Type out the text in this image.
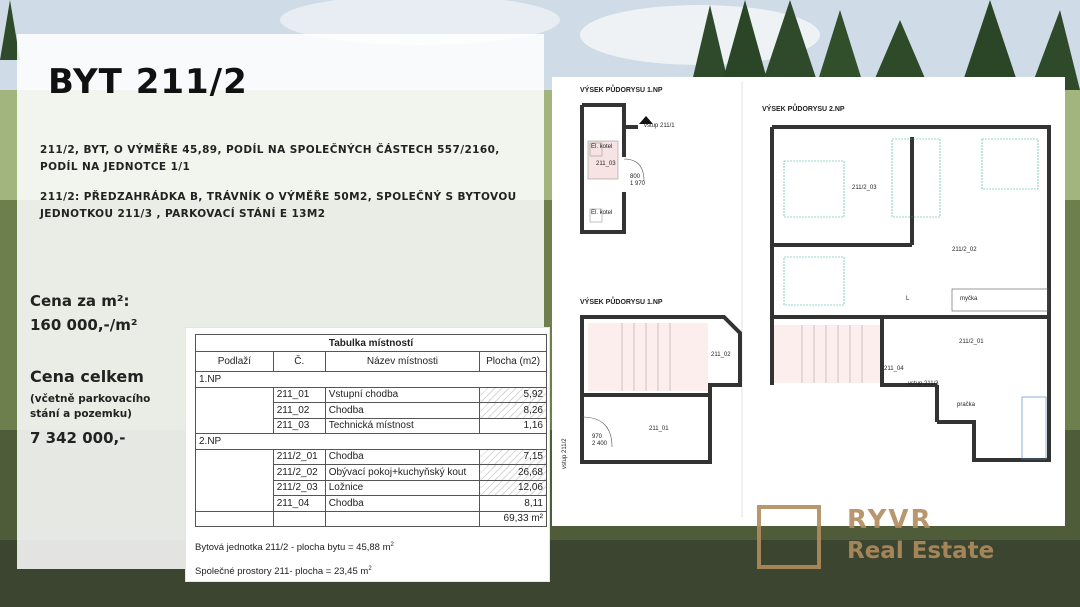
BYT 211/2
211/2, BYT, O VÝMĚŘE 45,89, PODÍL NA SPOLEČNÝCH ČÁSTECH 557/2160, PODÍL NA JEDNOTCE 1/1
211/2: PŘEDZAHRÁDKA B, TRÁVNÍK O VÝMĚŘE 50M2, SPOLEČNÝ S BYTOVOU JEDNOTKOU 211/3 , PARKOVACÍ STÁNÍ E 13M2
Cena za m²:
160 000,-/m²
Cena celkem
(včetně parkovacího stání a pozemku)
7 342 000,-
Tabulka místností			
Podlaží	Č.	Název místnosti	Plocha (m2)
1.NP			
	211_01	Vstupní chodba	5,92
	211_02	Chodba	8,26
	211_03	Technická místnost	1,16
2.NP			
	211/2_01	Chodba	7,15
	211/2_02	Obývací pokoj+kuchyňský kout	26,68
	211/2_03	Ložnice	12,06
	211_04	Chodba	8,11
			69,33 m²
Bytová jednotka 211/2 - plocha bytu = 45,88 $m^2$
Společné prostory 211- plocha = 23,45 $m^2$
VÝSEK PŮDORYSU 1.NP
VÝSEK PŮDORYSU 2.NP
VÝSEK PŮDORYSU 1.NP
vstup 211/1
El. kotel
El. kotel
211_03
800
1 970
211/2_03
211/2_02
211/2_01
211_04
vstup 211/3
pračka
myčka
L
211_02
211_01
970
2 400
vstup 211/2
RYVR
Real Estate
